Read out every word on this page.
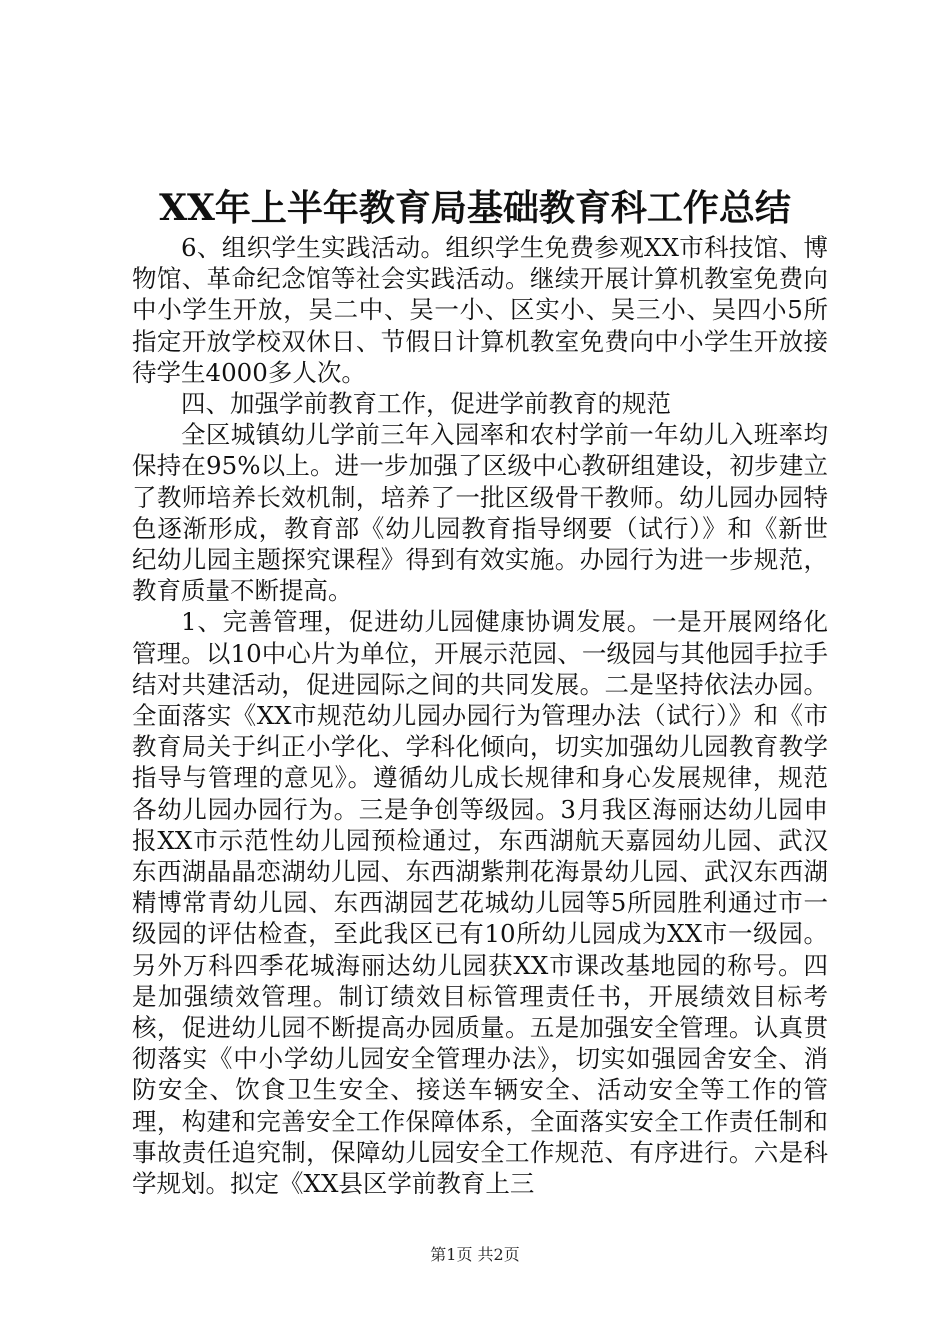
XX年上半年教育局基础教育科工作总结

6、组织学生实践活动。组织学生免费参观XX市科技馆、博物馆、革命纪念馆等社会实践活动。继续开展计算机教室免费向中小学生开放，吴二中、吴一小、区实小、吴三小、吴四小5所指定开放学校双休日、节假日计算机教室免费向中小学生开放接待学生4000多人次。

四、加强学前教育工作，促进学前教育的规范

全区城镇幼儿学前三年入园率和农村学前一年幼儿入班率均保持在95%以上。进一步加强了区级中心教研组建设，初步建立了教师培养长效机制，培养了一批区级骨干教师。幼儿园办园特色逐渐形成，教育部《幼儿园教育指导纲要（试行）》和《新世纪幼儿园主题探究课程》得到有效实施。办园行为进一步规范，教育质量不断提高。

1、完善管理，促进幼儿园健康协调发展。一是开展网络化管理。以10中心片为单位，开展示范园、一级园与其他园手拉手结对共建活动，促进园际之间的共同发展。二是坚持依法办园。全面落实《XX市规范幼儿园办园行为管理办法（试行）》和《市教育局关于纠正小学化、学科化倾向，切实加强幼儿园教育教学指导与管理的意见》。遵循幼儿成长规律和身心发展规律，规范各幼儿园办园行为。三是争创等级园。3月我区海丽达幼儿园申报XX市示范性幼儿园预检通过，东西湖航天嘉园幼儿园、武汉东西湖晶晶恋湖幼儿园、东西湖紫荆花海景幼儿园、武汉东西湖精博常青幼儿园、东西湖园艺花城幼儿园等5所园胜利通过市一级园的评估检查，至此我区已有10所幼儿园成为XX市一级园。另外万科四季花城海丽达幼儿园获XX市课改基地园的称号。四是加强绩效管理。制订绩效目标管理责任书，开展绩效目标考核，促进幼儿园不断提高办园质量。五是加强安全管理。认真贯彻落实《中小学幼儿园安全管理办法》，切实如强园舍安全、消防安全、饮食卫生安全、接送车辆安全、活动安全等工作的管理，构建和完善安全工作保障体系，全面落实安全工作责任制和事故责任追究制，保障幼儿园安全工作规范、有序进行。六是科学规划。拟定《XX县区学前教育上三

第1页 共2页
